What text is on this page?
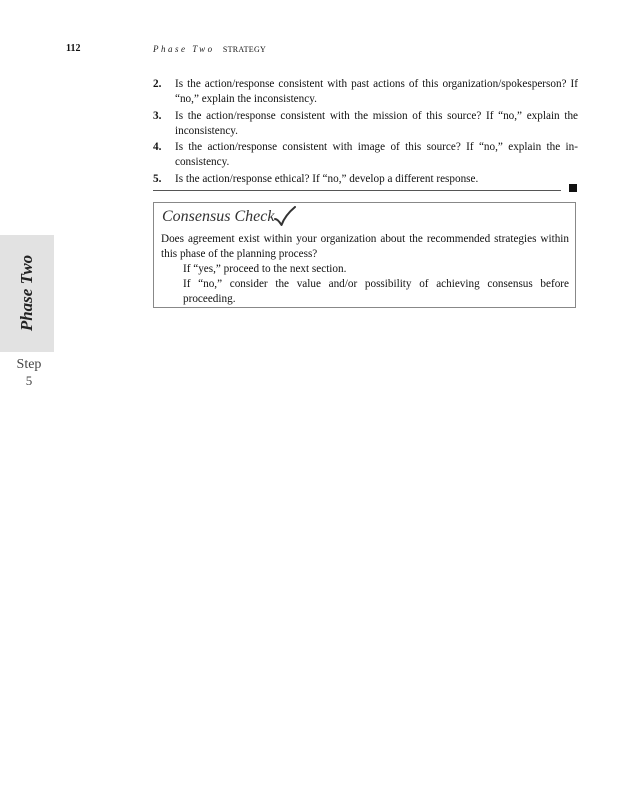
112	Phase Two STRATEGY
Phase Two
Step
5
2. Is the action/response consistent with past actions of this organization/spokesperson? If “no,” explain the inconsistency.
3. Is the action/response consistent with the mission of this source? If “no,” explain the inconsistency.
4. Is the action/response consistent with image of this source? If “no,” explain the inconsistency.
5. Is the action/response ethical? If “no,” develop a different response.
Consensus Check
Does agreement exist within your organization about the recommended strategies within this phase of the planning process?
If “yes,” proceed to the next section.
If “no,” consider the value and/or possibility of achieving consensus before proceeding.
